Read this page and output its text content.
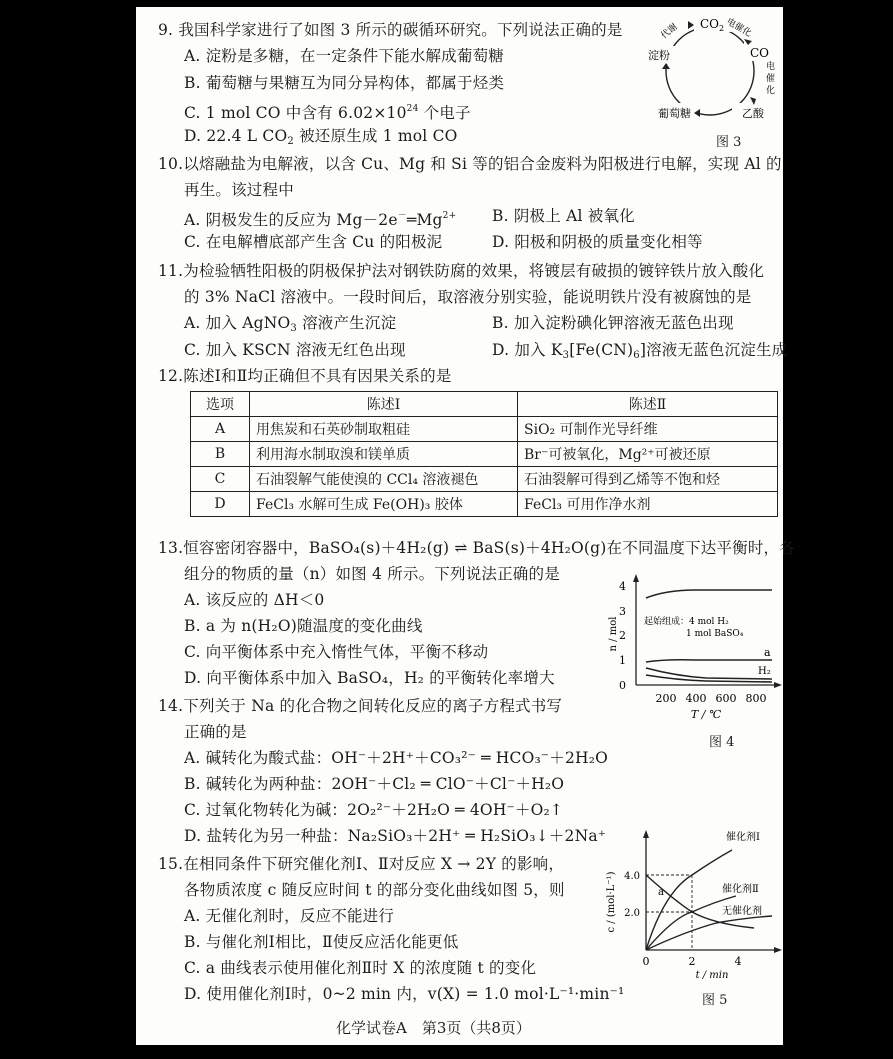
9. 我国科学家进行了如图 3 所示的碳循环研究。下列说法正确的是
A. 淀粉是多糖，在一定条件下能水解成葡萄糖
B. 葡萄糖与果糖互为同分异构体，都属于烃类
C. 1 mol CO 中含有 $6.02\times 10^{24}$ 个电子
D. 22.4 L $CO_2$ 被还原生成 1 mol CO
$CO_2$
CO
乙酸
葡萄糖
淀粉
电催化
电
催
化
代谢
图 3
10.以熔融盐为电解液，以含 Cu、Mg 和 Si 等的铝合金废料为阳极进行电解，实现 Al 的
再生。该过程中
A. 阴极发生的反应为 $Mg-2e^-═Mg^{2+}$ B. 阴极上 Al 被氧化
C. 在电解槽底部产生含 Cu 的阳极泥	D. 阳极和阴极的质量变化相等
11.为检验牺牲阳极的阴极保护法对钢铁防腐的效果，将镀层有破损的镀锌铁片放入酸化
的 3% NaCl 溶液中。一段时间后，取溶液分别实验，能说明铁片没有被腐蚀的是
A. 加入 AgNO$_3$ 溶液产生沉淀	B. 加入淀粉碘化钾溶液无蓝色出现
C. 加入 KSCN 溶液无红色出现	D. 加入 $K_3[Fe(CN)_6]$溶液无蓝色沉淀生成
12.陈述Ⅰ和Ⅱ均正确但不具有因果关系的是
选项	陈述Ⅰ	陈述Ⅱ
A	用焦炭和石英砂制取粗硅	SiO₂ 可制作光导纤维
B	利用海水制取溴和镁单质	Br⁻可被氧化，Mg²⁺可被还原
C	石油裂解气能使溴的 CCl₄ 溶液褪色	石油裂解可得到乙烯等不饱和烃
D	FeCl₃ 水解可生成 Fe(OH)₃ 胶体	FeCl₃ 可用作净水剂
13.恒容密闭容器中，BaSO₄(s)＋4H₂(g) ⇌ BaS(s)＋4H₂O(g)在不同温度下达平衡时，各
组分的物质的量（n）如图 4 所示。下列说法正确的是
A. 该反应的 ΔH＜0
B. a 为 n(H₂O)随温度的变化曲线
C. 向平衡体系中充入惰性气体，平衡不移动
D. 向平衡体系中加入 BaSO₄，H₂ 的平衡转化率增大
4
3
2
1
0
n / mol
200 400 600 800
T / ℃
起始组成：4 mol H₂
1 mol BaSO₄
a
H₂
图 4
14.下列关于 Na 的化合物之间转化反应的离子方程式书写
正确的是
A. 碱转化为酸式盐：OH⁻＋2H⁺＋CO₃²⁻ ═ HCO₃⁻＋2H₂O
B. 碱转化为两种盐：2OH⁻＋Cl₂ ═ ClO⁻＋Cl⁻＋H₂O
C. 过氧化物转化为碱：2O₂²⁻＋2H₂O ═ 4OH⁻＋O₂↑
D. 盐转化为另一种盐：Na₂SiO₃＋2H⁺ ═ H₂SiO₃↓＋2Na⁺
15.在相同条件下研究催化剂Ⅰ、Ⅱ对反应 X → 2Y 的影响，
各物质浓度 c 随反应时间 t 的部分变化曲线如图 5，则
A. 无催化剂时，反应不能进行
B. 与催化剂Ⅰ相比，Ⅱ使反应活化能更低
C. a 曲线表示使用催化剂Ⅱ时 X 的浓度随 t 的变化
D. 使用催化剂Ⅰ时，0~2 min 内，v(X) = 1.0 mol·L⁻¹·min⁻¹
4.0
2.0
0	2	4
c / (mol·L⁻¹)
t / min
催化剂Ⅰ
催化剂Ⅱ
无催化剂
a
图 5
化学试卷A　第3页（共8页）
